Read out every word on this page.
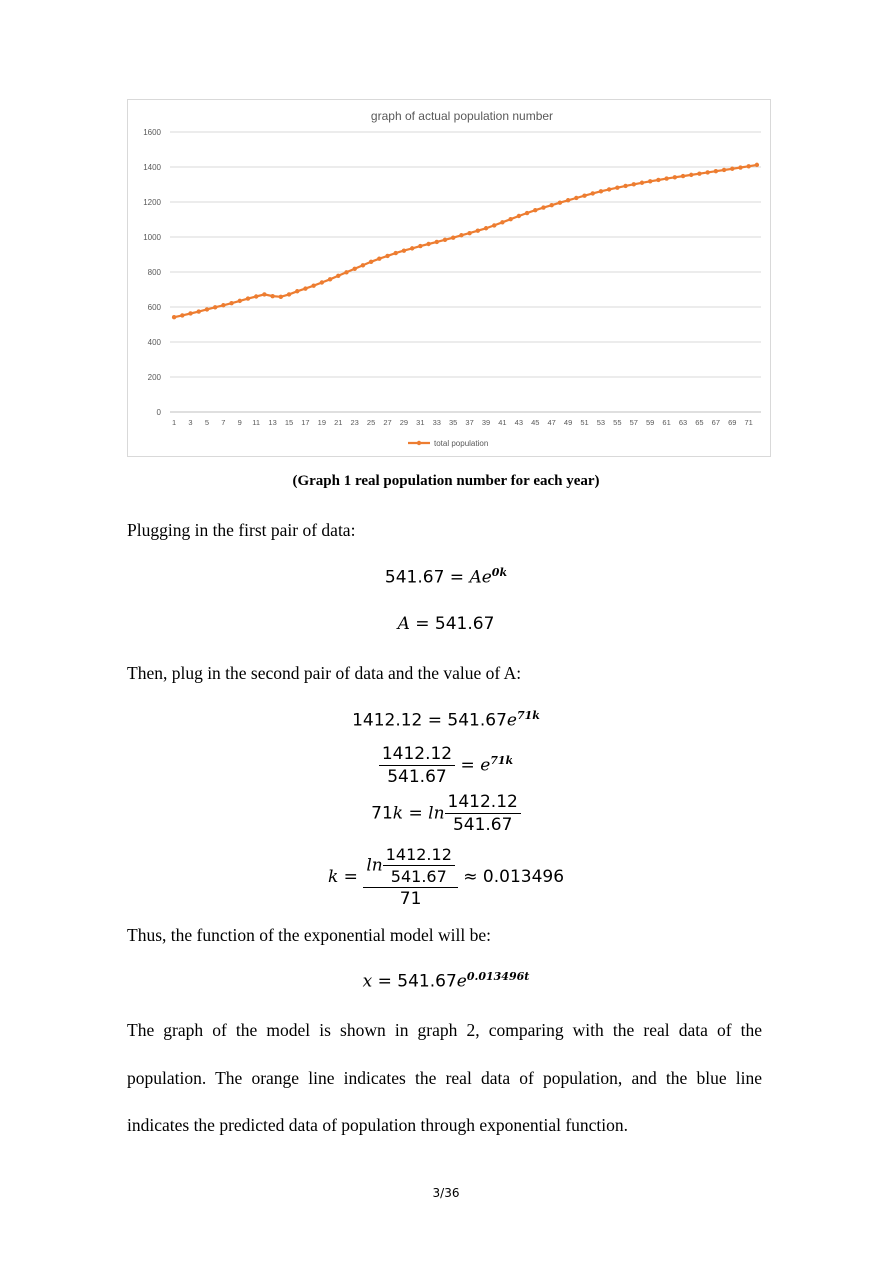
graph of actual population number
0
200
400
600
800
1000
1200
1400
1600
1 3 5 7 9 11 13 15 17 19 21 23 25 27 29 31 33 35 37 39 41 43 45 47 49 51 53 55 57 59 61 63 65 67 69 71
total population
(Graph 1 real population number for each year)
Plugging in the first pair of data:
$541.67 = Ae^{0k}$
A = 541.67
Then, plug in the second pair of data and the value of A:
$1412.12 = 541.67e^{71k}$
$\frac{1412.12}{541.67} = e^{71k}$
$71k = \ln \frac{1412.12}{541.67}$
$k = \frac{\ln \frac{1412.12}{541.67}}{71} \approx 0.013496$
Thus, the function of the exponential model will be:
$x = 541.67e^{0.013496t}$
The graph of the model is shown in graph 2, comparing with the real data of the
population. The orange line indicates the real data of population, and the blue line
indicates the predicted data of population through exponential function.
3/36
